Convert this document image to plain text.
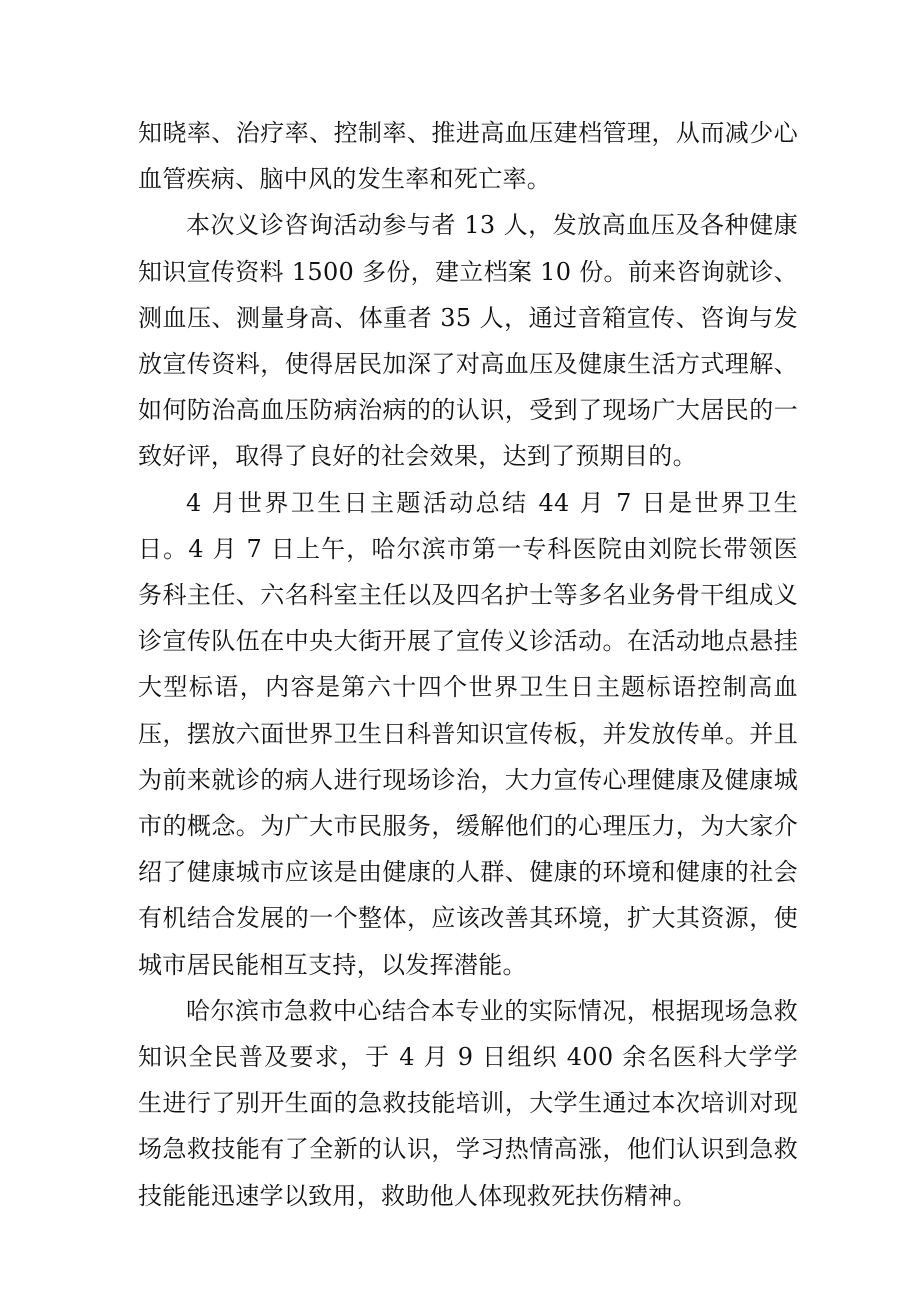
知晓率、治疗率、控制率、推进高血压建档管理，从而减少心血管疾病、脑中风的发生率和死亡率。

本次义诊咨询活动参与者 13 人，发放高血压及各种健康知识宣传资料 1500 多份，建立档案 10 份。前来咨询就诊、测血压、测量身高、体重者 35 人，通过音箱宣传、咨询与发放宣传资料，使得居民加深了对高血压及健康生活方式理解、如何防治高血压防病治病的的认识，受到了现场广大居民的一致好评，取得了良好的社会效果，达到了预期目的。

4 月世界卫生日主题活动总结 44 月 7 日是世界卫生日。4 月 7 日上午，哈尔滨市第一专科医院由刘院长带领医务科主任、六名科室主任以及四名护士等多名业务骨干组成义诊宣传队伍在中央大街开展了宣传义诊活动。在活动地点悬挂大型标语，内容是第六十四个世界卫生日主题标语控制高血压，摆放六面世界卫生日科普知识宣传板，并发放传单。并且为前来就诊的病人进行现场诊治，大力宣传心理健康及健康城市的概念。为广大市民服务，缓解他们的心理压力，为大家介绍了健康城市应该是由健康的人群、健康的环境和健康的社会有机结合发展的一个整体，应该改善其环境，扩大其资源，使城市居民能相互支持，以发挥潜能。

哈尔滨市急救中心结合本专业的实际情况，根据现场急救知识全民普及要求，于 4 月 9 日组织 400 余名医科大学学生进行了别开生面的急救技能培训，大学生通过本次培训对现场急救技能有了全新的认识，学习热情高涨，他们认识到急救技能能迅速学以致用，救助他人体现救死扶伤精神。
